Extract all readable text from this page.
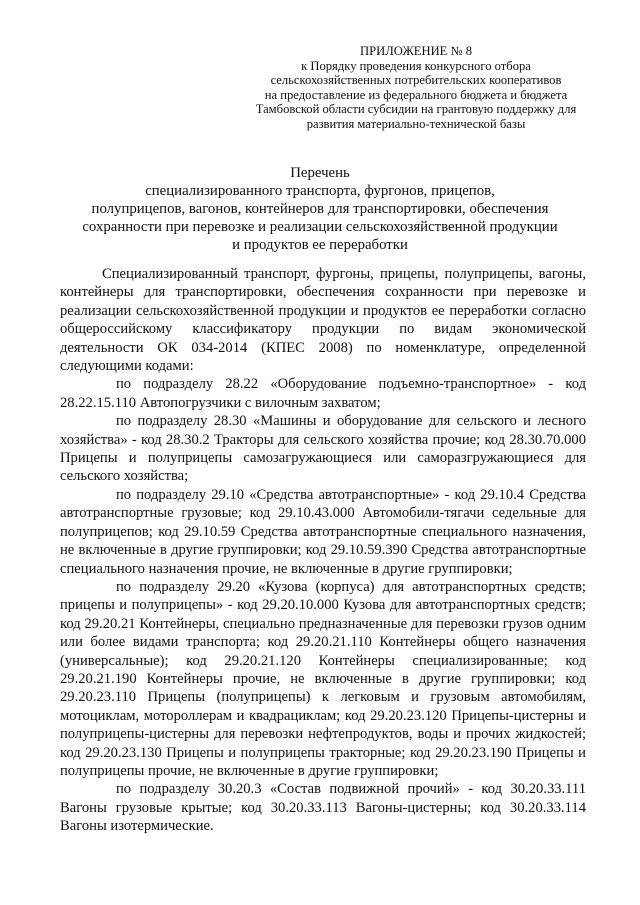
ПРИЛОЖЕНИЕ № 8
к Порядку проведения конкурсного отбора
сельскохозяйственных потребительских кооперативов
на предоставление из федерального бюджета и бюджета
Тамбовской области субсидии на грантовую поддержку для
развития материально-технической базы
Перечень
специализированного транспорта, фургонов, прицепов,
полуприцепов, вагонов, контейнеров для транспортировки, обеспечения
сохранности при перевозке и реализации сельскохозяйственной продукции
и продуктов ее переработки

Специализированный транспорт, фургоны, прицепы, полуприцепы, вагоны, контейнеры для транспортировки, обеспечения сохранности при перевозке и реализации сельскохозяйственной продукции и продуктов ее переработки согласно общероссийскому классификатору продукции по видам экономической деятельности ОК 034-2014 (КПЕС 2008) по номенклатуре, определенной следующими кодами:

по подразделу 28.22 «Оборудование подъемно-транспортное» - код 28.22.15.110 Автопогрузчики с вилочным захватом;

по подразделу 28.30 «Машины и оборудование для сельского и лесного хозяйства» - код 28.30.2 Тракторы для сельского хозяйства прочие; код 28.30.70.000 Прицепы и полуприцепы самозагружающиеся или саморазгружающиеся для сельского хозяйства;

по подразделу 29.10 «Средства автотранспортные» - код 29.10.4 Средства автотранспортные грузовые; код 29.10.43.000 Автомобили-тягачи седельные для полуприцепов; код 29.10.59 Средства автотранспортные специального назначения, не включенные в другие группировки; код 29.10.59.390 Средства автотранспортные специального назначения прочие, не включенные в другие группировки;

по подразделу 29.20 «Кузова (корпуса) для автотранспортных средств; прицепы и полуприцепы» - код 29.20.10.000 Кузова для автотранспортных средств; код 29.20.21 Контейнеры, специально предназначенные для перевозки грузов одним или более видами транспорта; код 29.20.21.110 Контейнеры общего назначения (универсальные); код 29.20.21.120 Контейнеры специализированные; код 29.20.21.190 Контейнеры прочие, не включенные в другие группировки; код 29.20.23.110 Прицепы (полуприцепы) к легковым и грузовым автомобилям, мотоциклам, мотороллерам и квадрациклам; код 29.20.23.120 Прицепы-цистерны и полуприцепы-цистерны для перевозки нефтепродуктов, воды и прочих жидкостей; код 29.20.23.130 Прицепы и полуприцепы тракторные; код 29.20.23.190 Прицепы и полуприцепы прочие, не включенные в другие группировки;

по подразделу 30.20.3 «Состав подвижной прочий» - код 30.20.33.111 Вагоны грузовые крытые; код 30.20.33.113 Вагоны-цистерны; код 30.20.33.114 Вагоны изотермические.
